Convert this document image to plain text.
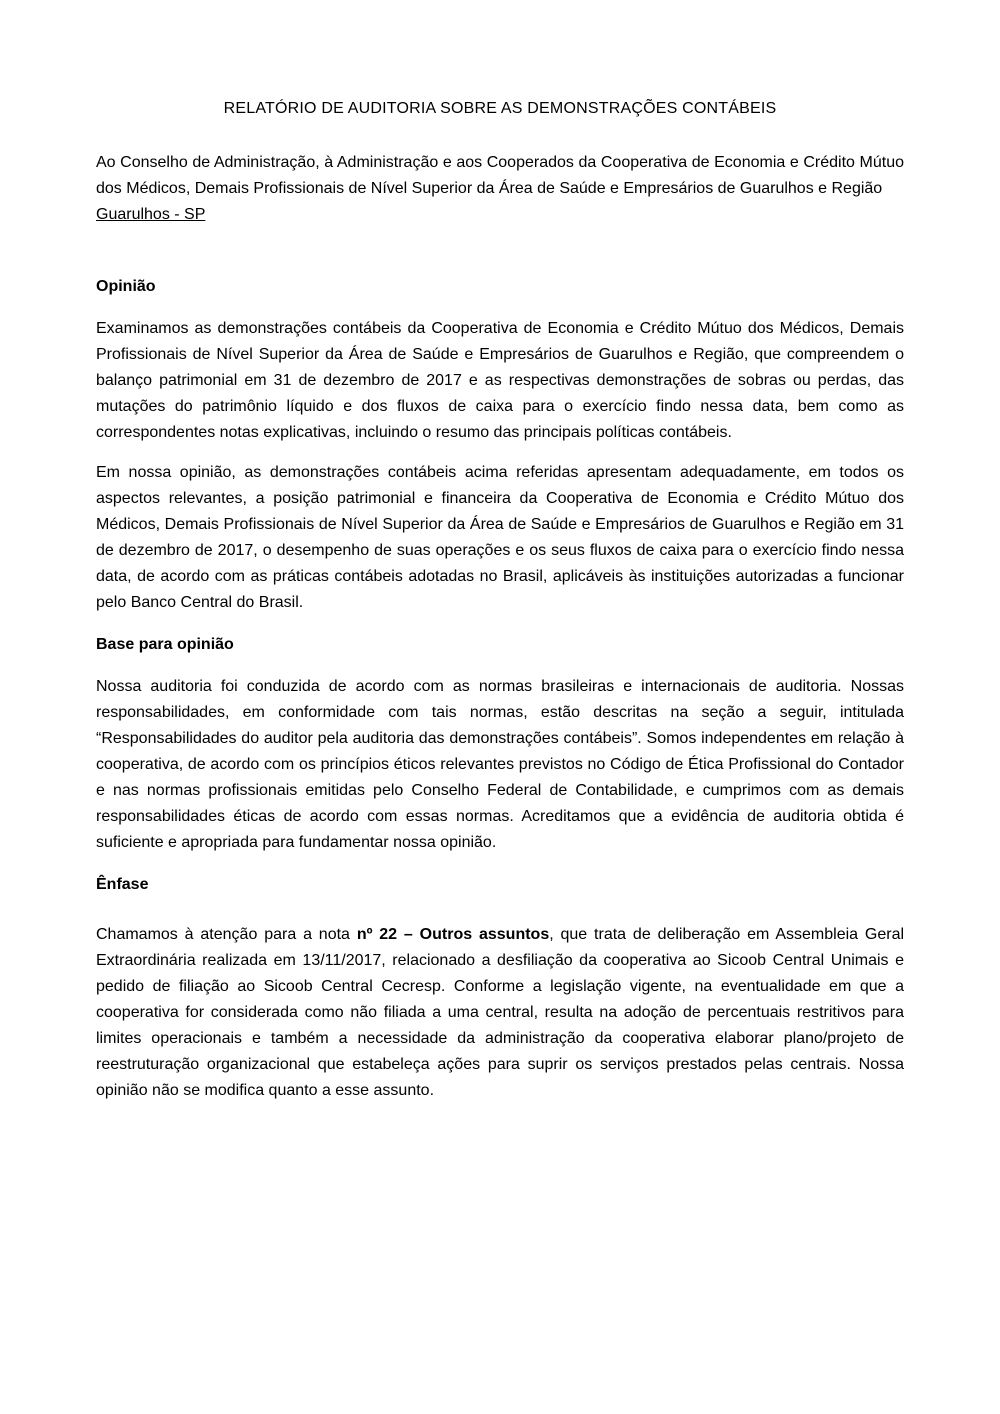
RELATÓRIO DE AUDITORIA SOBRE AS DEMONSTRAÇÕES CONTÁBEIS

Ao Conselho de Administração, à Administração e aos Cooperados da Cooperativa de Economia e Crédito Mútuo dos Médicos, Demais Profissionais de Nível Superior da Área de Saúde e Empresários de Guarulhos e Região

Guarulhos - SP
Opinião

Examinamos as demonstrações contábeis da Cooperativa de Economia e Crédito Mútuo dos Médicos, Demais Profissionais de Nível Superior da Área de Saúde e Empresários de Guarulhos e Região, que compreendem o balanço patrimonial em 31 de dezembro de 2017 e as respectivas demonstrações de sobras ou perdas, das mutações do patrimônio líquido e dos fluxos de caixa para o exercício findo nessa data, bem como as correspondentes notas explicativas, incluindo o resumo das principais políticas contábeis.

Em nossa opinião, as demonstrações contábeis acima referidas apresentam adequadamente, em todos os aspectos relevantes, a posição patrimonial e financeira da Cooperativa de Economia e Crédito Mútuo dos Médicos, Demais Profissionais de Nível Superior da Área de Saúde e Empresários de Guarulhos e Região em 31 de dezembro de 2017, o desempenho de suas operações e os seus fluxos de caixa para o exercício findo nessa data, de acordo com as práticas contábeis adotadas no Brasil, aplicáveis às instituições autorizadas a funcionar pelo Banco Central do Brasil.

Base para opinião

Nossa auditoria foi conduzida de acordo com as normas brasileiras e internacionais de auditoria. Nossas responsabilidades, em conformidade com tais normas, estão descritas na seção a seguir, intitulada “Responsabilidades do auditor pela auditoria das demonstrações contábeis”. Somos independentes em relação à cooperativa, de acordo com os princípios éticos relevantes previstos no Código de Ética Profissional do Contador e nas normas profissionais emitidas pelo Conselho Federal de Contabilidade, e cumprimos com as demais responsabilidades éticas de acordo com essas normas. Acreditamos que a evidência de auditoria obtida é suficiente e apropriada para fundamentar nossa opinião.

Ênfase

Chamamos à atenção para a nota nº 22 – Outros assuntos, que trata de deliberação em Assembleia Geral Extraordinária realizada em 13/11/2017, relacionado a desfiliação da cooperativa ao Sicoob Central Unimais e pedido de filiação ao Sicoob Central Cecresp. Conforme a legislação vigente, na eventualidade em que a cooperativa for considerada como não filiada a uma central, resulta na adoção de percentuais restritivos para limites operacionais e também a necessidade da administração da cooperativa elaborar plano/projeto de reestruturação organizacional que estabeleça ações para suprir os serviços prestados pelas centrais. Nossa opinião não se modifica quanto a esse assunto.
